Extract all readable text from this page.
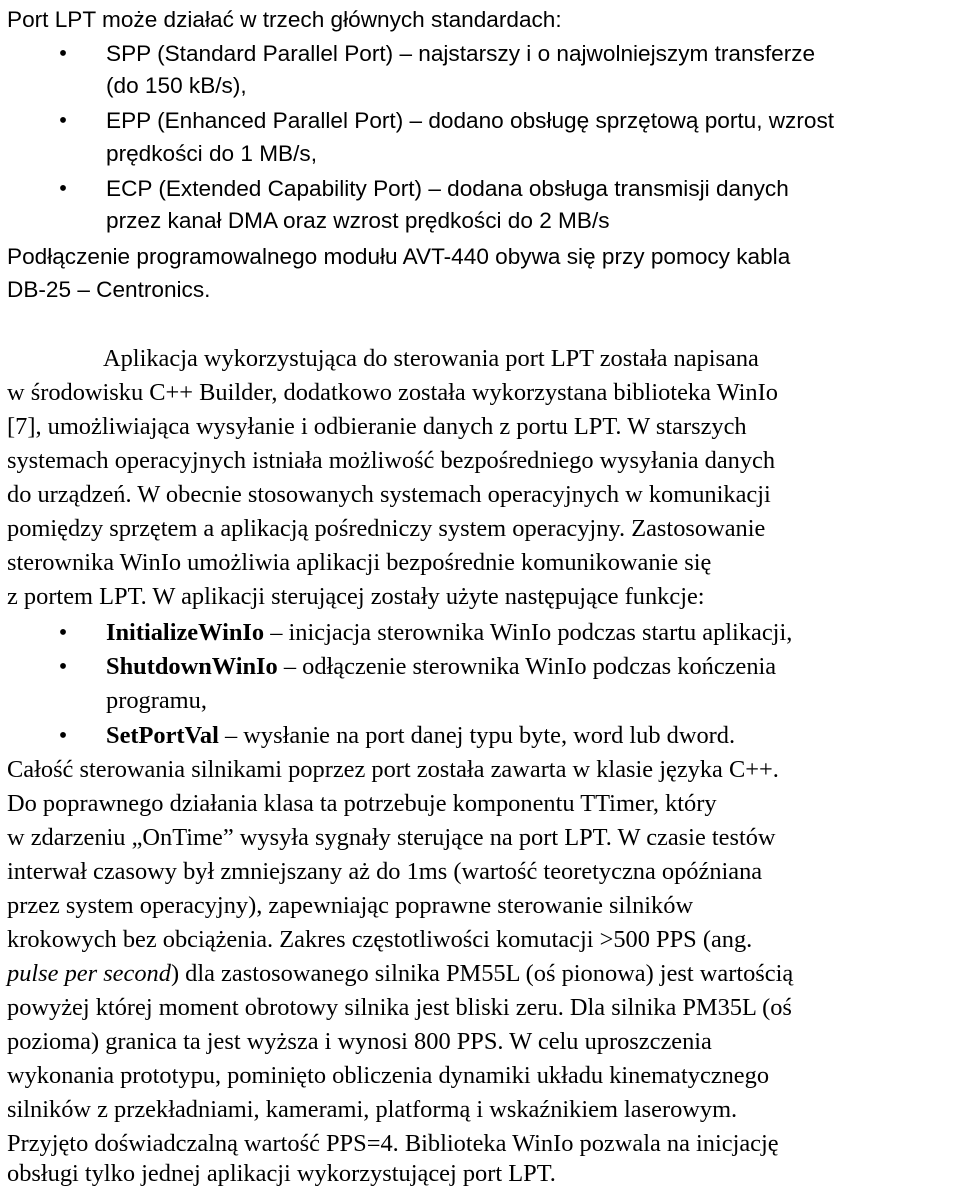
Port LPT może działać w trzech głównych standardach:
• SPP (Standard Parallel Port) – najstarszy i o najwolniejszym transferze
(do 150 kB/s),
• EPP (Enhanced Parallel Port) – dodano obsługę sprzętową portu, wzrost
prędkości do 1 MB/s,
• ECP (Extended Capability Port) – dodana obsługa transmisji danych
przez kanał DMA oraz wzrost prędkości do 2 MB/s
Podłączenie programowalnego modułu AVT-440 obywa się przy pomocy kabla
DB-25 – Centronics.
Aplikacja wykorzystująca do sterowania port LPT została napisana
w środowisku C++ Builder, dodatkowo została wykorzystana biblioteka WinIo
[7], umożliwiająca wysyłanie i odbieranie danych z portu LPT. W starszych
systemach operacyjnych istniała możliwość bezpośredniego wysyłania danych
do urządzeń. W obecnie stosowanych systemach operacyjnych w komunikacji
pomiędzy sprzętem a aplikacją pośredniczy system operacyjny. Zastosowanie
sterownika WinIo umożliwia aplikacji bezpośrednie komunikowanie się
z portem LPT. W aplikacji sterującej zostały użyte następujące funkcje:
• InitializeWinIo – inicjacja sterownika WinIo podczas startu aplikacji,
• ShutdownWinIo – odłączenie sterownika WinIo podczas kończenia
programu,
• SetPortVal – wysłanie na port danej typu byte, word lub dword.
Całość sterowania silnikami poprzez port została zawarta w klasie języka C++.
Do poprawnego działania klasa ta potrzebuje komponentu TTimer, który
w zdarzeniu „OnTime” wysyła sygnały sterujące na port LPT. W czasie testów
interwał czasowy był zmniejszany aż do 1ms (wartość teoretyczna opóźniana
przez system operacyjny), zapewniając poprawne sterowanie silników
krokowych bez obciążenia. Zakres częstotliwości komutacji >500 PPS (ang.
pulse per second) dla zastosowanego silnika PM55L (oś pionowa) jest wartością
powyżej której moment obrotowy silnika jest bliski zeru. Dla silnika PM35L (oś
pozioma) granica ta jest wyższa i wynosi 800 PPS. W celu uproszczenia
wykonania prototypu, pominięto obliczenia dynamiki układu kinematycznego
silników z przekładniami, kamerami, platformą i wskaźnikiem laserowym.
Przyjęto doświadczalną wartość PPS=4. Biblioteka WinIo pozwala na inicjację
obsługi tylko jednej aplikacji wykorzystującej port LPT.
